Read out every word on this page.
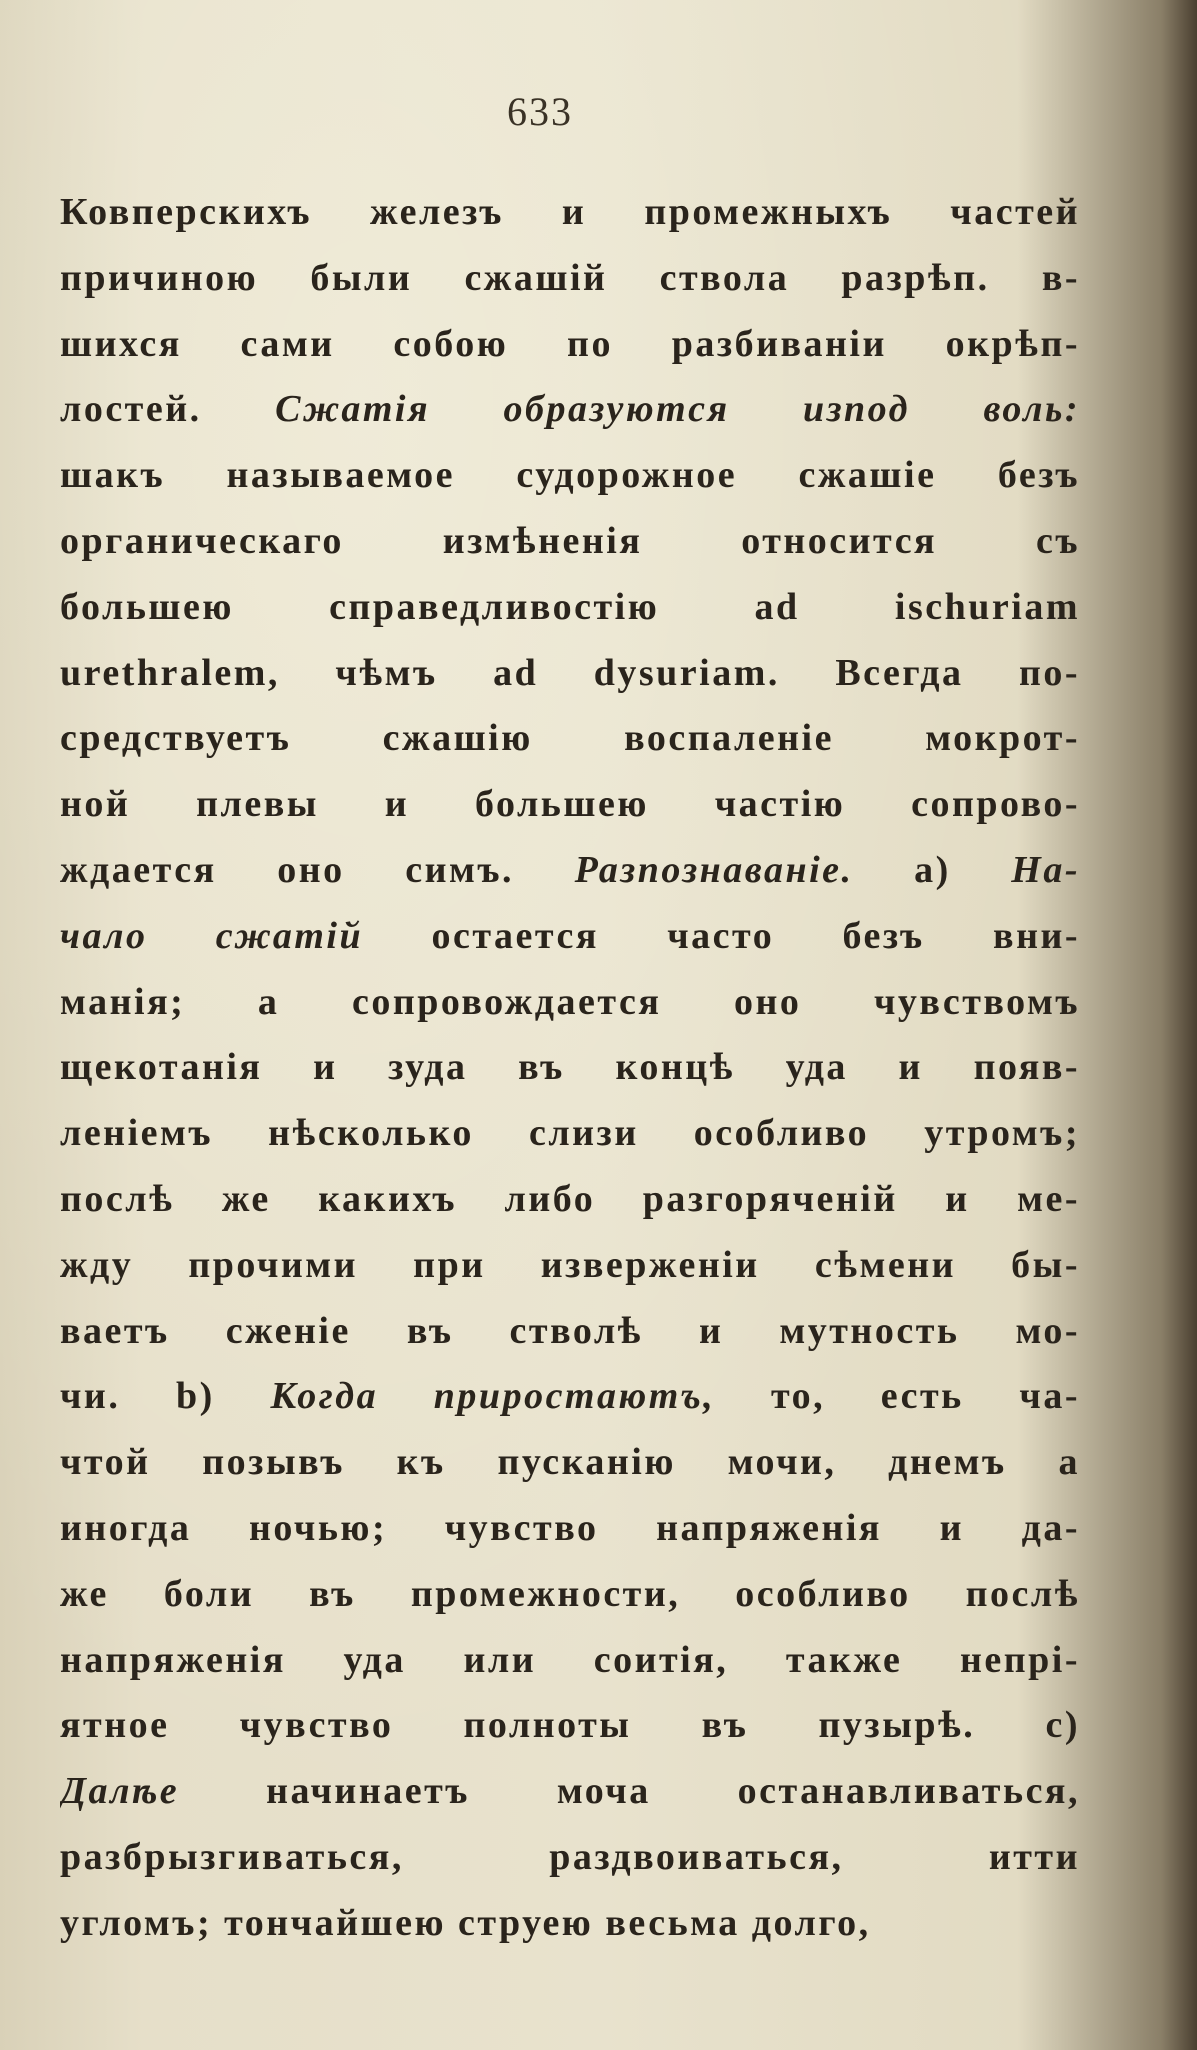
633
Ковперскихъ железъ и промежныхъ частей
причиною были сжашій ствола разрѣп. в-
шихся сами собою по разбиваніи окрѣп-
лостей. Сжатія образуются изпод воль:
шакъ называемое судорожное сжашіе безъ
органическаго измѣненія относится съ
большею справедливостію ad ischuriam
urethralem, чѣмъ ad dysuriam. Всегда по-
средствуетъ сжашію воспаленіе мокрот-
ной плевы и большею частію сопрово-
ждается оно симъ. Разпознаваніе. а) На-
чало сжатій остается часто безъ вни-
манія; а сопровождается оно чувствомъ
щекотанія и зуда въ концѣ уда и появ-
леніемъ нѣсколько слизи особливо утромъ;
послѣ же какихъ либо разгоряченій и ме-
жду прочими при изверженіи сѣмени бы-
ваетъ сженіе въ стволѣ и мутность мо-
чи. b) Когда приростаютъ, то, есть ча-
чтой позывъ къ пусканію мочи, днемъ а
иногда ночью; чувство напряженія и да-
же боли въ промежности, особливо послѣ
напряженія уда или соитія, также непрі-
ятное чувство полноты въ пузырѣ. с)
Далѣе начинаетъ моча останавливаться,
разбрызгиваться, раздвоиваться, итти
угломъ; тончайшею струею весьма долго,
